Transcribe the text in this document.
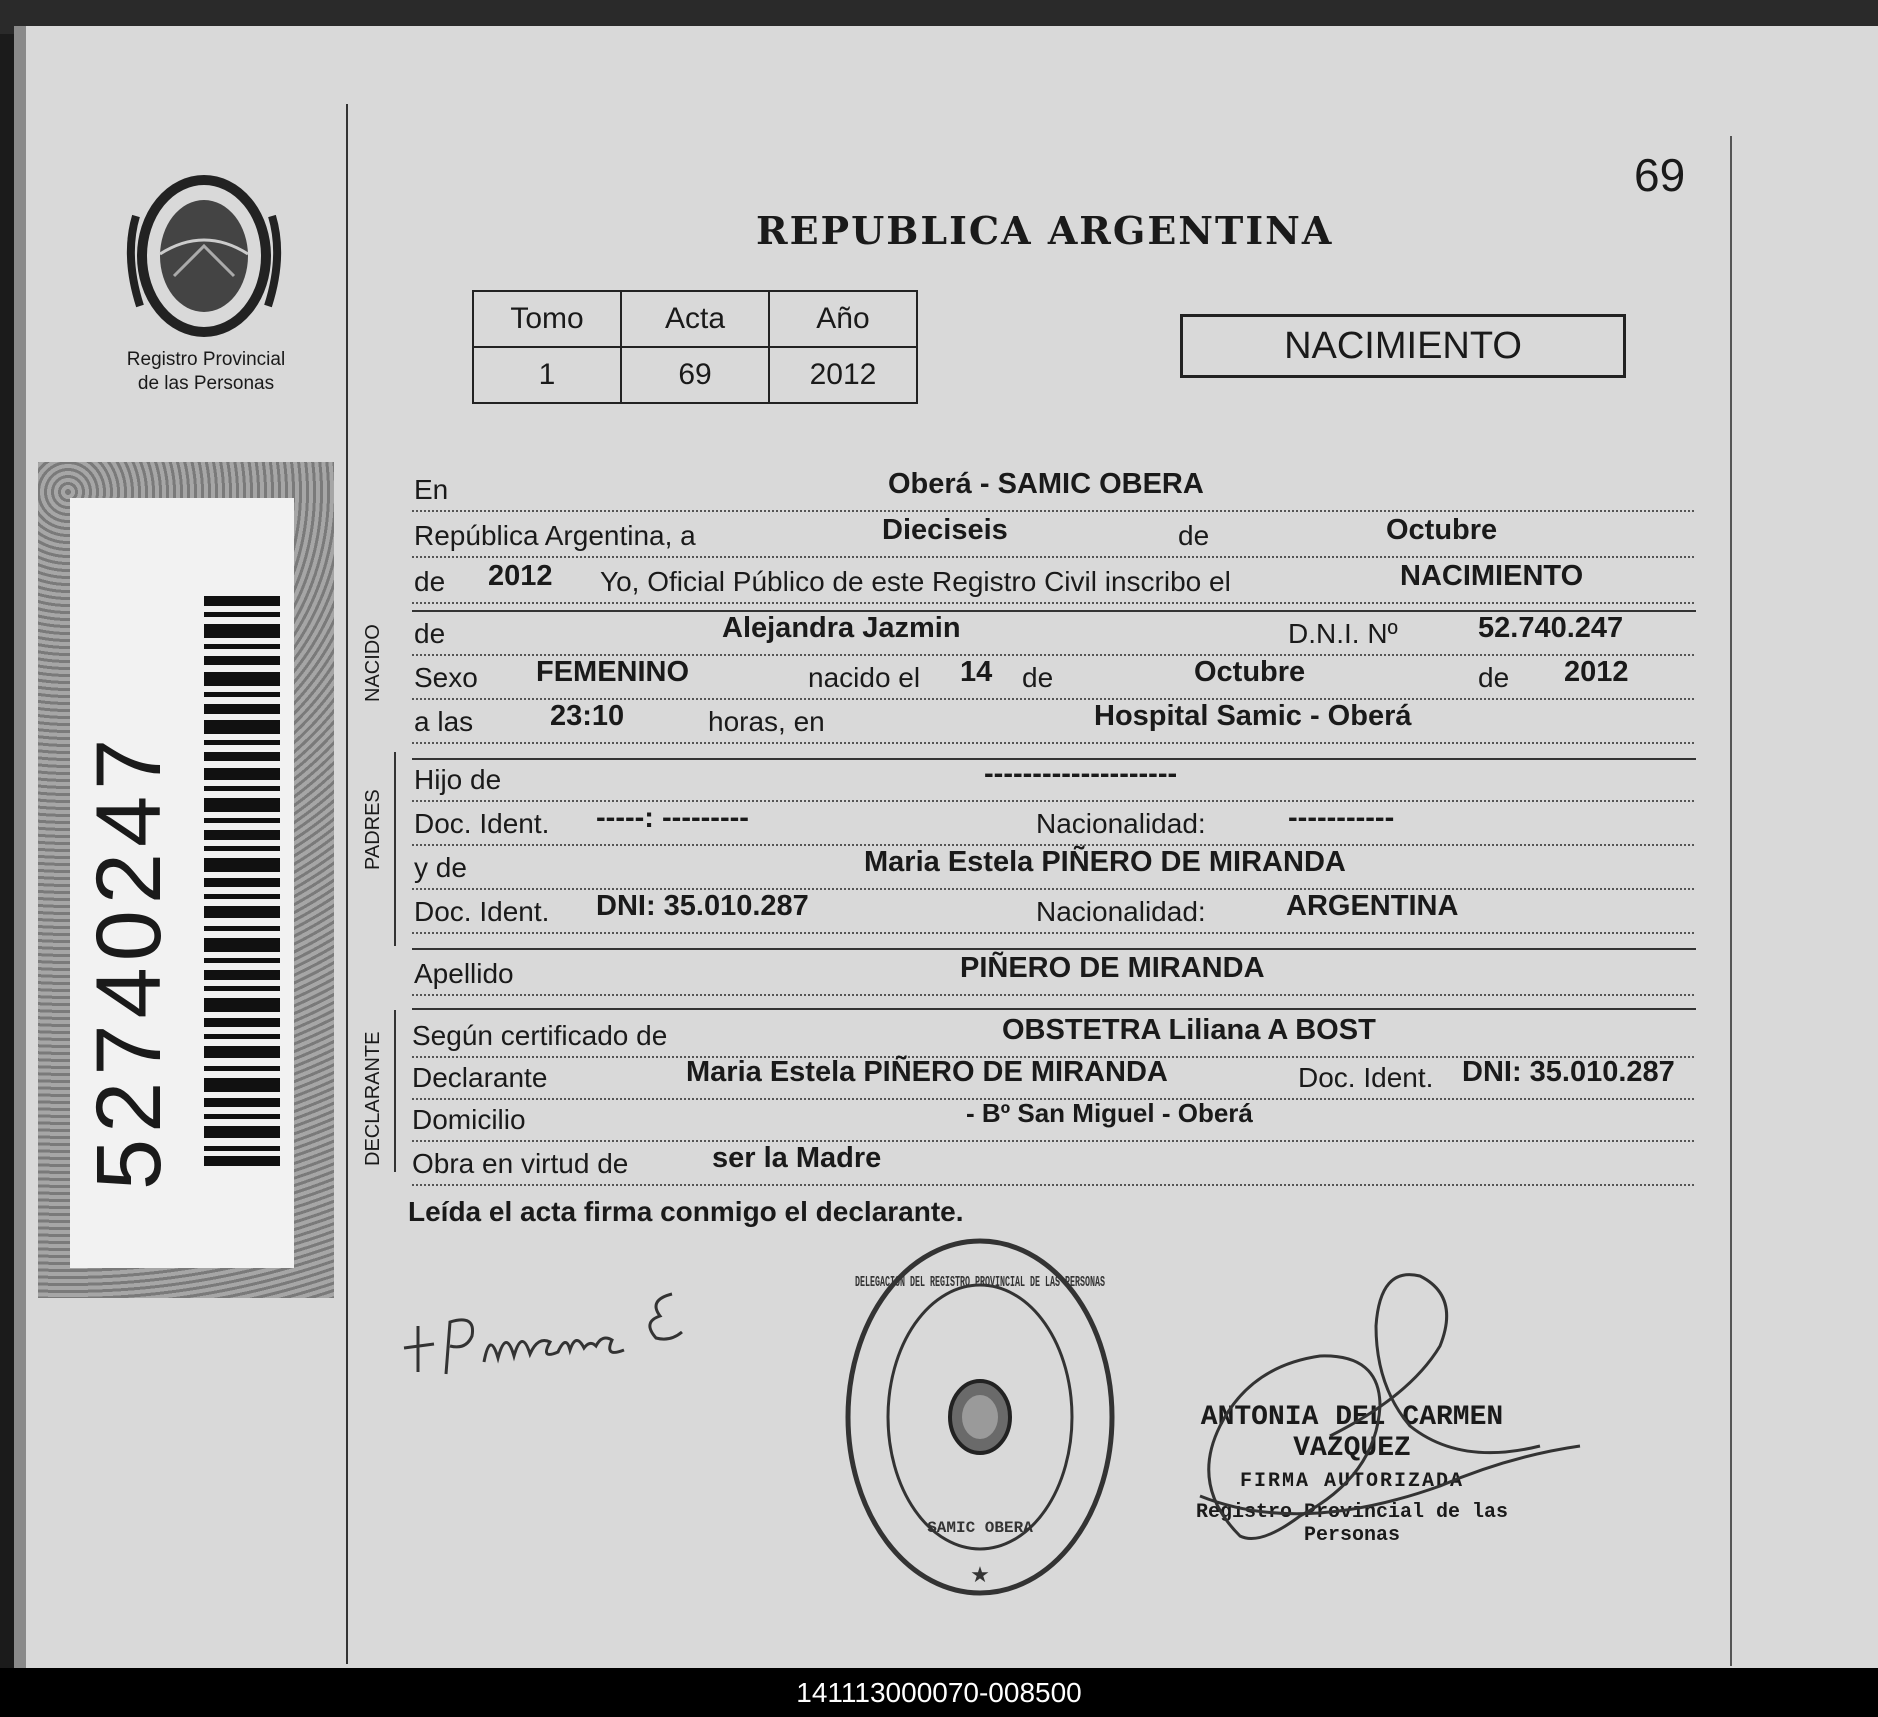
Registro Provincial
de las Personas
52740247
69
REPUBLICA ARGENTINA
Tomo	Acta	Año
1	69	2012
NACIMIENTO
En	Oberá - SAMIC OBERA
República Argentina, a	Dieciseis	de	Octubre
de 2012 Yo, Oficial Público de este Registro Civil inscribo el	NACIMIENTO
NACIDO de	Alejandra Jazmin	D.N.I. Nº	52.740.247
Sexo FEMENINO	nacido el 14 de	Octubre	de 2012
a las	23:10	horas, en	Hospital Samic - Oberá
PADRES
Hijo de	--------------------
Doc. Ident. -----: ---------	Nacionalidad:	-----------
y de	Maria Estela PIÑERO DE MIRANDA
Doc. Ident. DNI: 35.010.287	Nacionalidad:	ARGENTINA
Apellido	PIÑERO DE MIRANDA
DECLARANTE Según certificado de	OBSTETRA Liliana A BOST
Declarante	Maria Estela PIÑERO DE MIRANDA	Doc. Ident. DNI: 35.010.287
Domicilio	- Bº San Miguel - Oberá
Obra en virtud de	ser la Madre
Leída el acta firma conmigo el declarante.
DELEGACION DEL REGISTRO PROVINCIAL DE LAS PERSONAS
SAMIC OBERA
★
ANTONIA DEL CARMEN VAZQUEZ
FIRMA AUTORIZADA
Registro Provincial de las Personas
141113000070-008500
